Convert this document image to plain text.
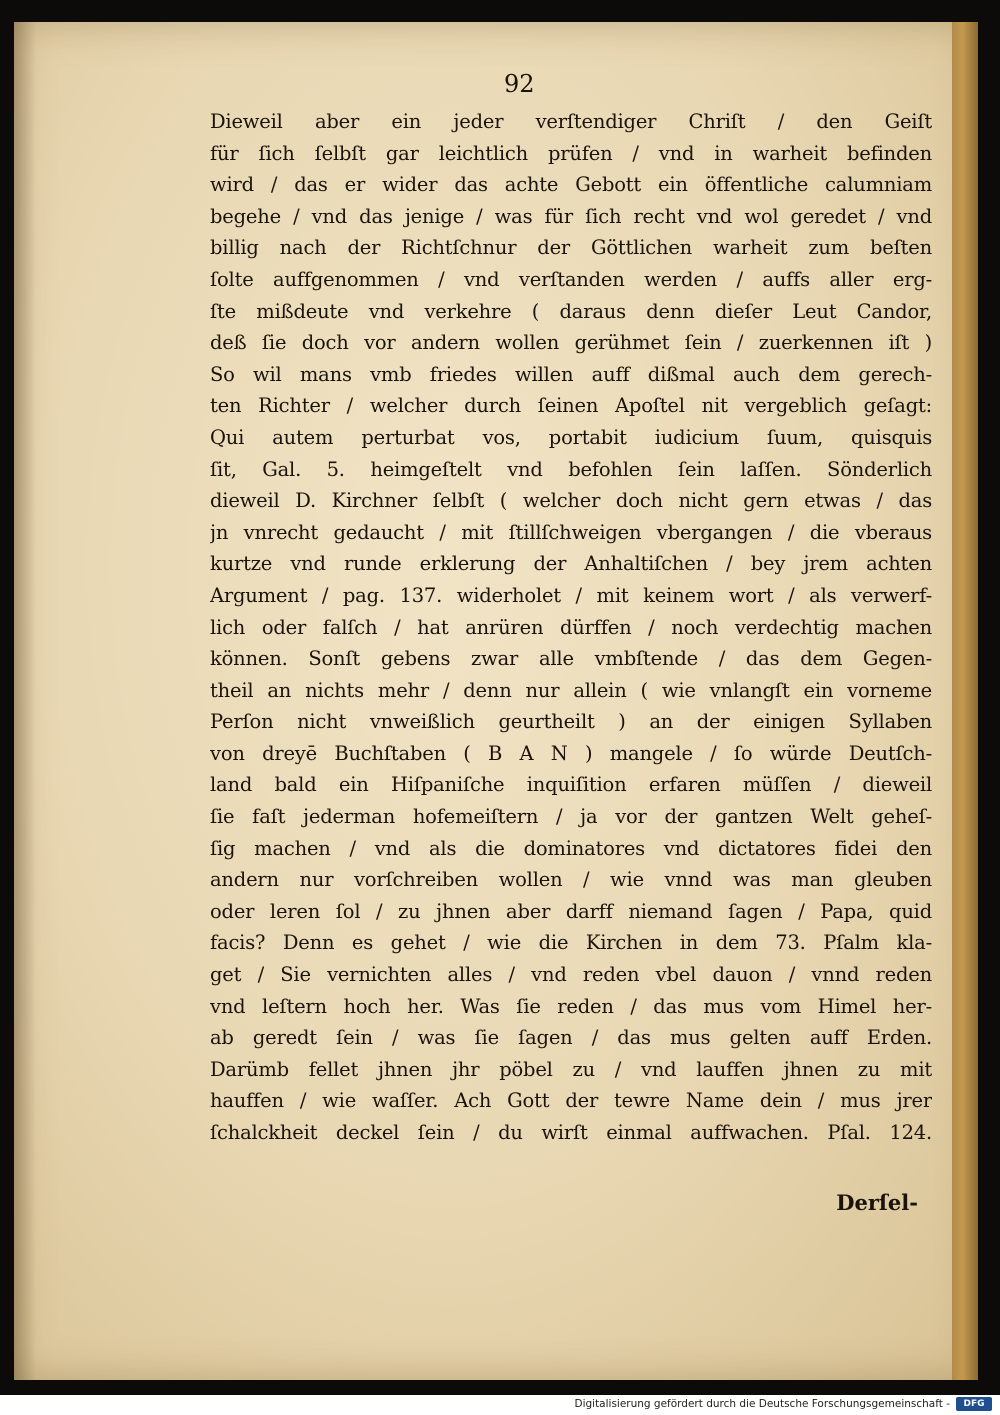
92
Dieweil aber ein jeder verſtendiger Chriſt / den Geiſt
für ſich ſelbſt gar leichtlich prüfen / vnd in warheit befinden
wird / das er wider das achte Gebott ein öffentliche calumniam
begehe / vnd das jenige / was für ſich recht vnd wol geredet / vnd
billig nach der Richtſchnur der Göttlichen warheit zum beſten
ſolte auffgenommen / vnd verſtanden werden / auffs aller erg-
ſte mißdeute vnd verkehre ( daraus denn dieſer Leut Candor,
deß ſie doch vor andern wollen gerühmet ſein / zuerkennen iſt )
So wil mans vmb friedes willen auff dißmal auch dem gerech-
ten Richter / welcher durch ſeinen Apoſtel nit vergeblich geſagt:
Qui autem perturbat vos, portabit iudicium ſuum, quisquis
ſit, Gal. 5. heimgeſtelt vnd befohlen ſein laſſen. Sönderlich
dieweil D. Kirchner ſelbſt ( welcher doch nicht gern etwas / das
jn vnrecht gedaucht / mit ſtillſchweigen vbergangen / die vberaus
kurtze vnd runde erklerung der Anhaltiſchen / bey jrem achten
Argument / pag. 137. widerholet / mit keinem wort / als verwerf-
lich oder falſch / hat anrüren dürffen / noch verdechtig machen
können. Sonſt gebens zwar alle vmbſtende / das dem Gegen-
theil an nichts mehr / denn nur allein ( wie vnlangſt ein vorneme
Perſon nicht vnweißlich geurtheilt ) an der einigen Syllaben
von dreyē Buchſtaben ( B A N ) mangele / ſo würde Deutſch-
land bald ein Hiſpaniſche inquiſition erfaren müſſen / dieweil
ſie faſt jederman hofemeiſtern / ja vor der gantzen Welt geheſ-
ſig machen / vnd als die dominatores vnd dictatores fidei den
andern nur vorſchreiben wollen / wie vnnd was man gleuben
oder leren ſol / zu jhnen aber darff niemand ſagen / Papa, quid
facis? Denn es gehet / wie die Kirchen in dem 73. Pſalm kla-
get / Sie vernichten alles / vnd reden vbel dauon / vnnd reden
vnd leſtern hoch her. Was ſie reden / das mus vom Himel her-
ab geredt ſein / was ſie ſagen / das mus gelten auff Erden.
Darümb fellet jhnen jhr pöbel zu / vnd lauffen jhnen zu mit
hauffen / wie waſſer. Ach Gott der tewre Name dein / mus jrer
ſchalckheit deckel ſein / du wirſt einmal auffwachen. Pſal. 124.
Derſel-
Digitalisierung gefördert durch die Deutsche Forschungsgemeinschaft -	DFG
